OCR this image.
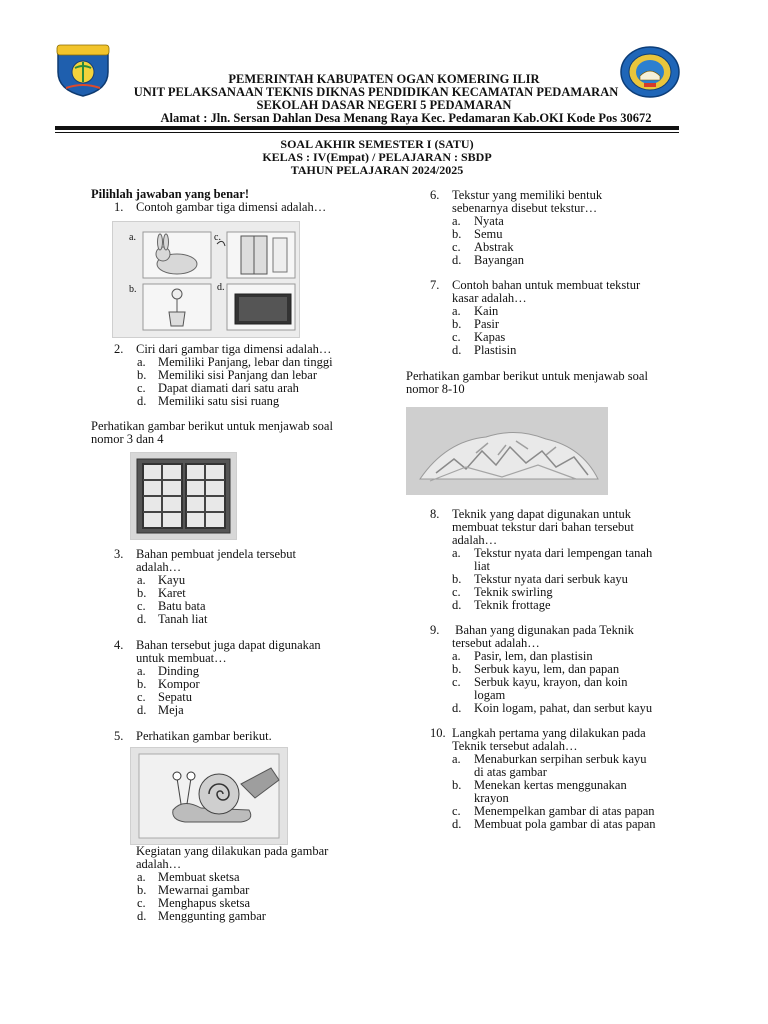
PEMERINTAH KABUPATEN OGAN KOMERING ILIR
UNIT PELAKSANAAN TEKNIS DIKNAS PENDIDIKAN KECAMATAN PEDAMARAN
SEKOLAH DASAR NEGERI 5 PEDAMARAN
Alamat : Jln. Sersan Dahlan Desa Menang Raya Kec. Pedamaran Kab.OKI Kode Pos 30672
SOAL AKHIR SEMESTER I (SATU)
KELAS : IV(Empat) / PELAJARAN : SBDP
TAHUN PELAJARAN 2024/2025
Pilihlah jawaban yang benar!
1. Contoh gambar tiga dimensi adalah…
a.	c.
b.	d.
2. Ciri dari gambar tiga dimensi adalah…
a. Memiliki Panjang, lebar dan tinggi
b. Memiliki sisi Panjang dan lebar
c. Dapat diamati dari satu arah
d. Memiliki satu sisi ruang
Perhatikan gambar berikut untuk menjawab soal
nomor 3 dan 4
3. Bahan pembuat jendela tersebut
adalah…
a. Kayu
b. Karet
c. Batu bata
d. Tanah liat
4. Bahan tersebut juga dapat digunakan
untuk membuat…
a. Dinding
b. Kompor
c. Sepatu
d. Meja
5. Perhatikan gambar berikut.
Kegiatan yang dilakukan pada gambar
adalah…
a. Membuat sketsa
b. Mewarnai gambar
c. Menghapus sketsa
d. Menggunting gambar
6. Tekstur yang memiliki bentuk
sebenarnya disebut tekstur…
a. Nyata
b. Semu
c. Abstrak
d. Bayangan
7. Contoh bahan untuk membuat tekstur
kasar adalah…
a. Kain
b. Pasir
c. Kapas
d. Plastisin
Perhatikan gambar berikut untuk menjawab soal
nomor 8-10
8. Teknik yang dapat digunakan untuk
membuat tekstur dari bahan tersebut
adalah…
a. Tekstur nyata dari lempengan tanah
liat
b. Tekstur nyata dari serbuk kayu
c. Teknik swirling
d. Teknik frottage
9. Bahan yang digunakan pada Teknik
tersebut adalah…
a. Pasir, lem, dan plastisin
b. Serbuk kayu, lem, dan papan
c. Serbuk kayu, krayon, dan koin
logam
d. Koin logam, pahat, dan serbut kayu
10. Langkah pertama yang dilakukan pada
Teknik tersebut adalah…
a. Menaburkan serpihan serbuk kayu
di atas gambar
b. Menekan kertas menggunakan
krayon
c. Menempelkan gambar di atas papan
d. Membuat pola gambar di atas papan
